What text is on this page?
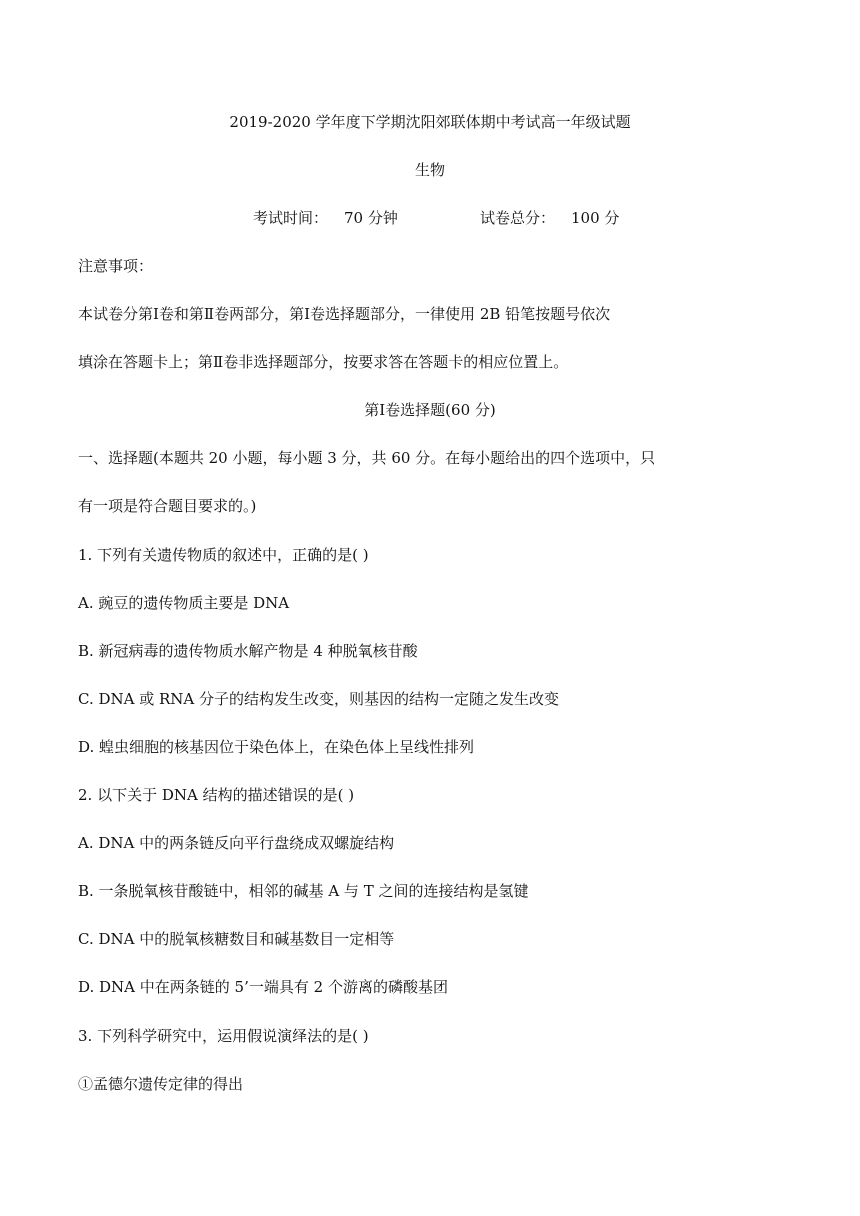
2019-2020 学年度下学期沈阳郊联体期中考试高一年级试题
生物
考试时间： 70 分钟	试卷总分： 100 分
注意事项：
本试卷分第Ⅰ卷和第Ⅱ卷两部分，第Ⅰ卷选择题部分，一律使用 2B 铅笔按题号依次
填涂在答题卡上；第Ⅱ卷非选择题部分，按要求答在答题卡的相应位置上。
第Ⅰ卷选择题(60 分)
一、选择题(本题共 20 小题，每小题 3 分，共 60 分。在每小题给出的四个选项中，只
有一项是符合题目要求的。)
1. 下列有关遗传物质的叙述中，正确的是( )
A. 豌豆的遗传物质主要是 DNA
B. 新冠病毒的遗传物质水解产物是 4 种脱氧核苷酸
C. DNA 或 RNA 分子的结构发生改变，则基因的结构一定随之发生改变
D. 蝗虫细胞的核基因位于染色体上，在染色体上呈线性排列
2. 以下关于 DNA 结构的描述错误的是( )
A. DNA 中的两条链反向平行盘绕成双螺旋结构
B. 一条脱氧核苷酸链中，相邻的碱基 A 与 T 之间的连接结构是氢键
C. DNA 中的脱氧核糖数目和碱基数目一定相等
D. DNA 中在两条链的 5’一端具有 2 个游离的磷酸基团
3. 下列科学研究中，运用假说演绎法的是( )
①孟德尔遗传定律的得出
